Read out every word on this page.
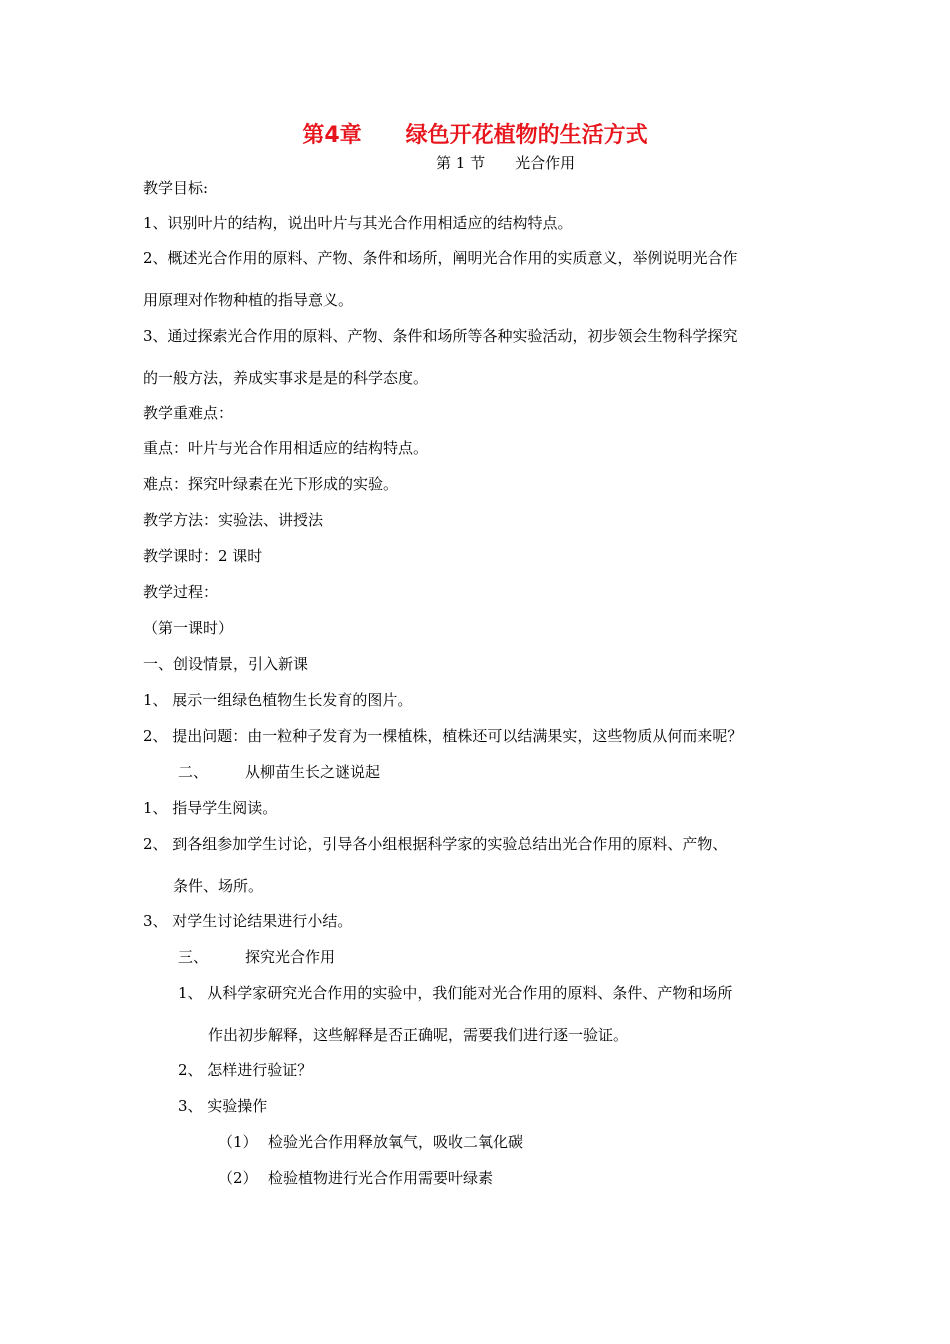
第4章　　绿色开花植物的生活方式
第 1 节　　光合作用
教学目标:
1、识别叶片的结构，说出叶片与其光合作用相适应的结构特点。
2、概述光合作用的原料、产物、条件和场所，阐明光合作用的实质意义，举例说明光合作
用原理对作物种植的指导意义。
3、通过探索光合作用的原料、产物、条件和场所等各种实验活动，初步领会生物科学探究
的一般方法，养成实事求是是的科学态度。
教学重难点：
重点：叶片与光合作用相适应的结构特点。
难点：探究叶绿素在光下形成的实验。
教学方法：实验法、讲授法
教学课时：2 课时
教学过程：
（第一课时）
一、创设情景，引入新课
1、 展示一组绿色植物生长发育的图片。
2、 提出问题：由一粒种子发育为一棵植株，植株还可以结满果实，这些物质从何而来呢？
二、 从柳苗生长之谜说起
1、 指导学生阅读。
2、 到各组参加学生讨论，引导各小组根据科学家的实验总结出光合作用的原料、产物、
条件、场所。
3、 对学生讨论结果进行小结。
三、 探究光合作用
1、 从科学家研究光合作用的实验中，我们能对光合作用的原料、条件、产物和场所
作出初步解释，这些解释是否正确呢，需要我们进行逐一验证。
2、 怎样进行验证？
3、 实验操作
（1） 检验光合作用释放氧气，吸收二氧化碳
（2） 检验植物进行光合作用需要叶绿素
